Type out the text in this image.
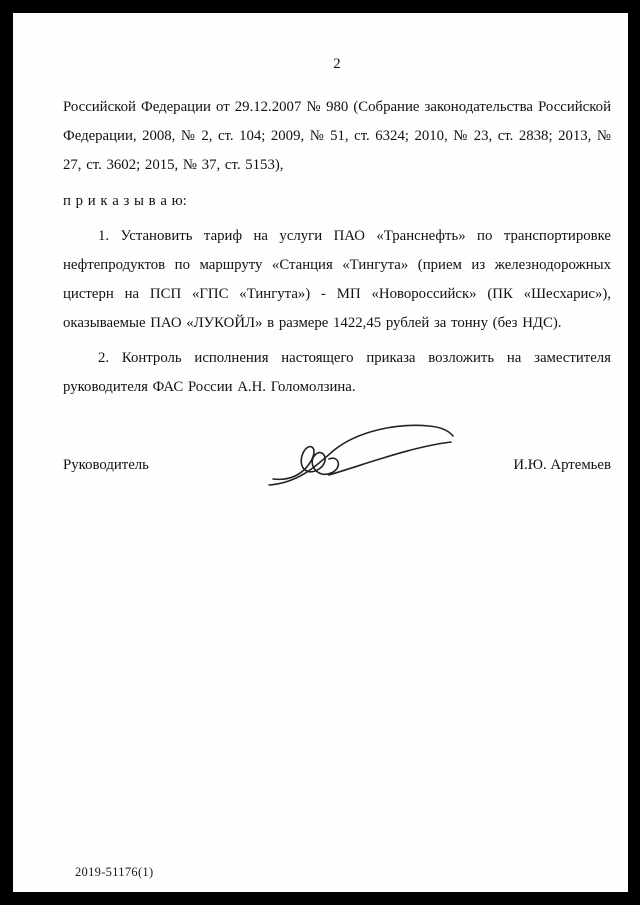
2

Российской Федерации от 29.12.2007 № 980 (Собрание законодательства Российской Федерации, 2008, № 2, ст. 104; 2009, № 51, ст. 6324; 2010, № 23, ст. 2838; 2013, № 27, ст. 3602; 2015, № 37, ст. 5153),

п р и к а з ы в а ю:

1. Установить тариф на услуги ПАО «Транснефть» по транспортировке нефтепродуктов по маршруту «Станция «Тингута» (прием из железнодорожных цистерн на ПСП «ГПС «Тингута») - МП «Новороссийск» (ПК «Шесхарис»), оказываемые ПАО «ЛУКОЙЛ» в размере 1422,45 рублей за тонну (без НДС).

2. Контроль исполнения настоящего приказа возложить на заместителя руководителя ФАС России А.Н. Голомолзина.

Руководитель	И.Ю. Артемьев
2019-51176(1)
